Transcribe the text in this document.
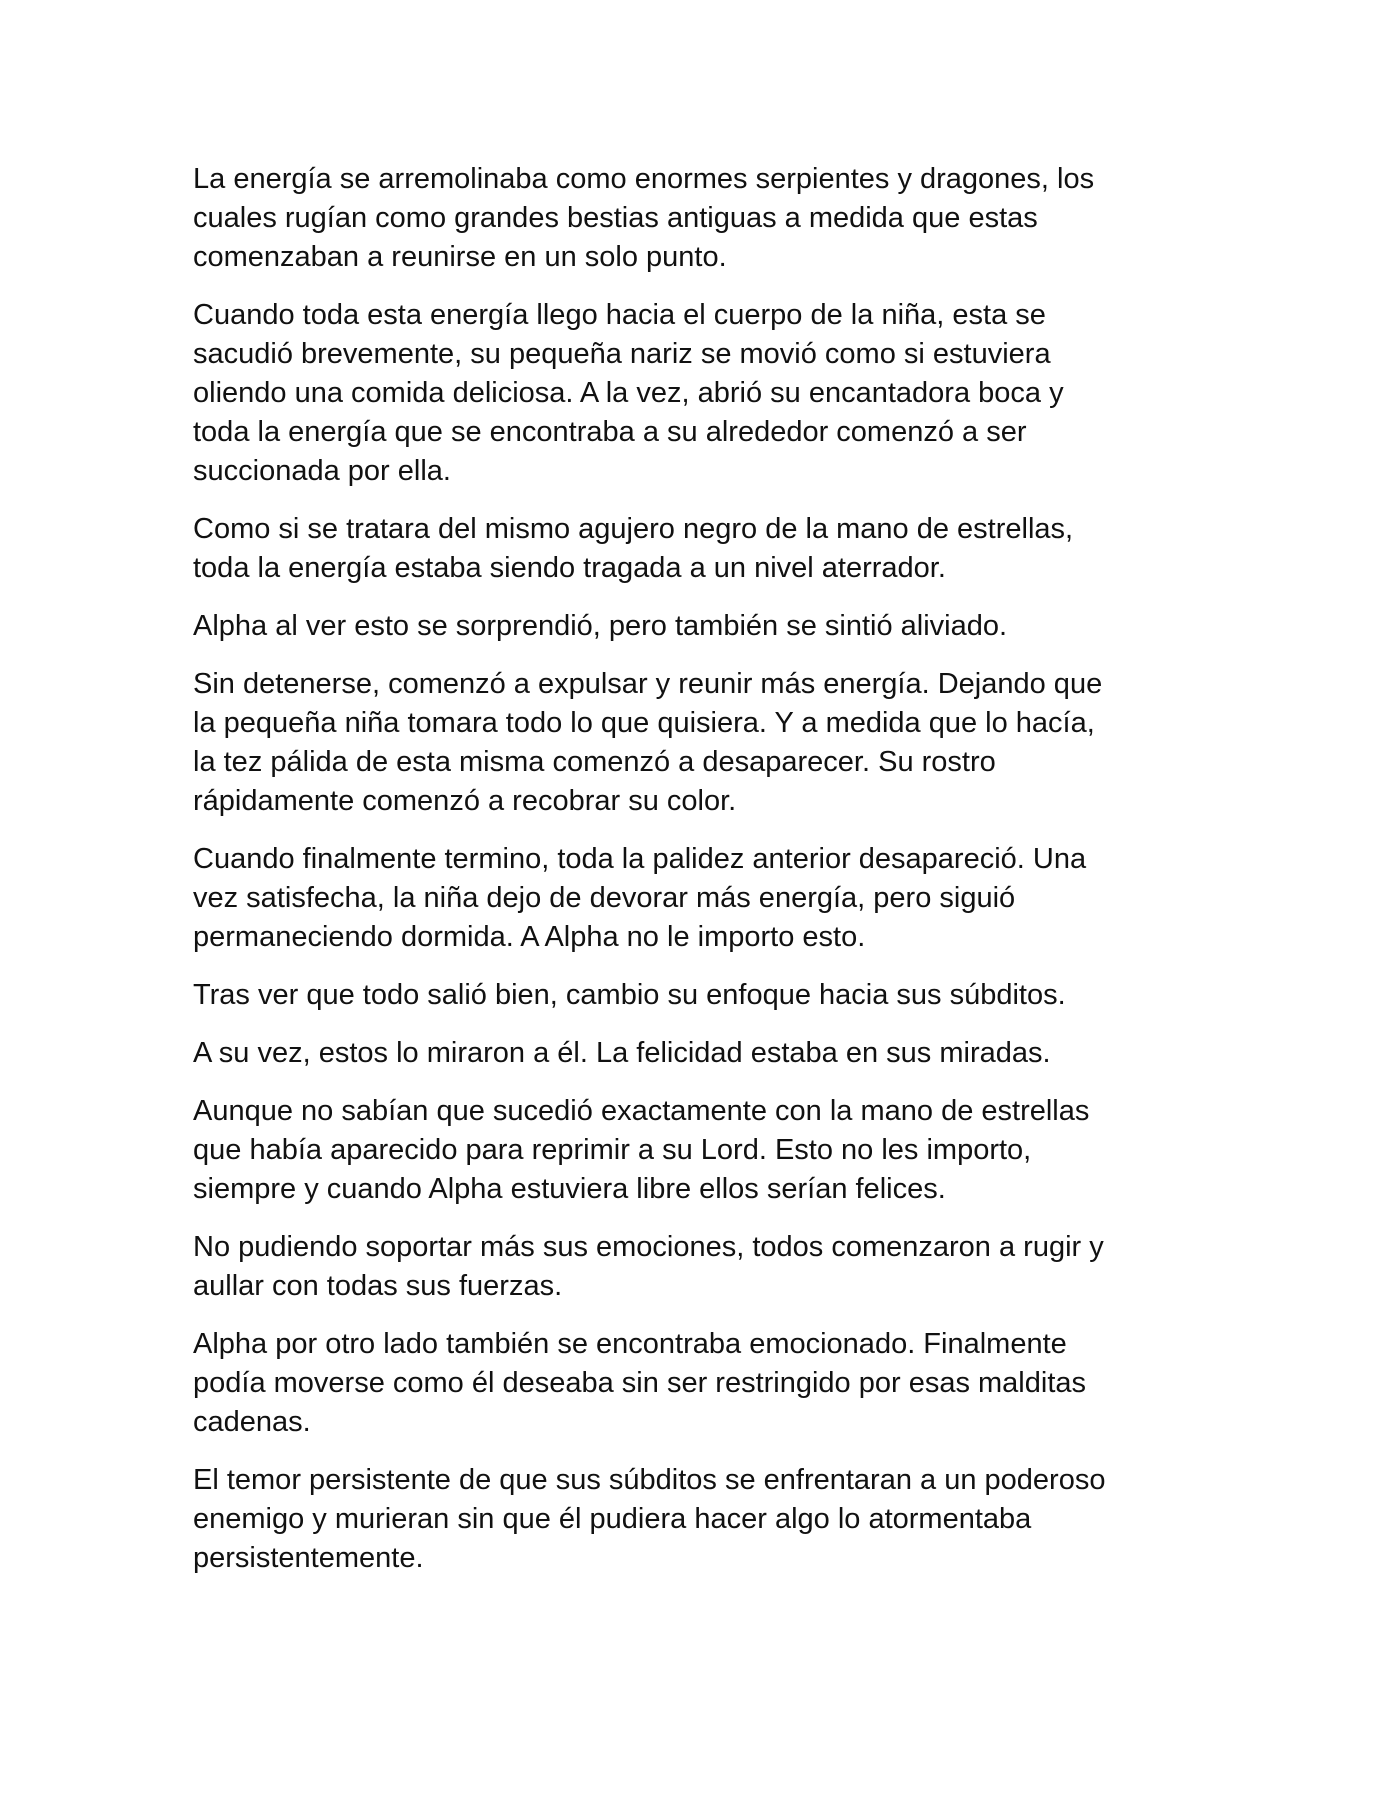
La energía se arremolinaba como enormes serpientes y dragones, los
cuales rugían como grandes bestias antiguas a medida que estas
comenzaban a reunirse en un solo punto.

Cuando toda esta energía llego hacia el cuerpo de la niña, esta se
sacudió brevemente, su pequeña nariz se movió como si estuviera
oliendo una comida deliciosa. A la vez, abrió su encantadora boca y
toda la energía que se encontraba a su alrededor comenzó a ser
succionada por ella.

Como si se tratara del mismo agujero negro de la mano de estrellas,
toda la energía estaba siendo tragada a un nivel aterrador.

Alpha al ver esto se sorprendió, pero también se sintió aliviado.

Sin detenerse, comenzó a expulsar y reunir más energía. Dejando que
la pequeña niña tomara todo lo que quisiera. Y a medida que lo hacía,
la tez pálida de esta misma comenzó a desaparecer. Su rostro
rápidamente comenzó a recobrar su color.

Cuando finalmente termino, toda la palidez anterior desapareció. Una
vez satisfecha, la niña dejo de devorar más energía, pero siguió
permaneciendo dormida. A Alpha no le importo esto.

Tras ver que todo salió bien, cambio su enfoque hacia sus súbditos.

A su vez, estos lo miraron a él. La felicidad estaba en sus miradas.

Aunque no sabían que sucedió exactamente con la mano de estrellas
que había aparecido para reprimir a su Lord. Esto no les importo,
siempre y cuando Alpha estuviera libre ellos serían felices.

No pudiendo soportar más sus emociones, todos comenzaron a rugir y
aullar con todas sus fuerzas.

Alpha por otro lado también se encontraba emocionado. Finalmente
podía moverse como él deseaba sin ser restringido por esas malditas
cadenas.

El temor persistente de que sus súbditos se enfrentaran a un poderoso
enemigo y murieran sin que él pudiera hacer algo lo atormentaba
persistentemente.
